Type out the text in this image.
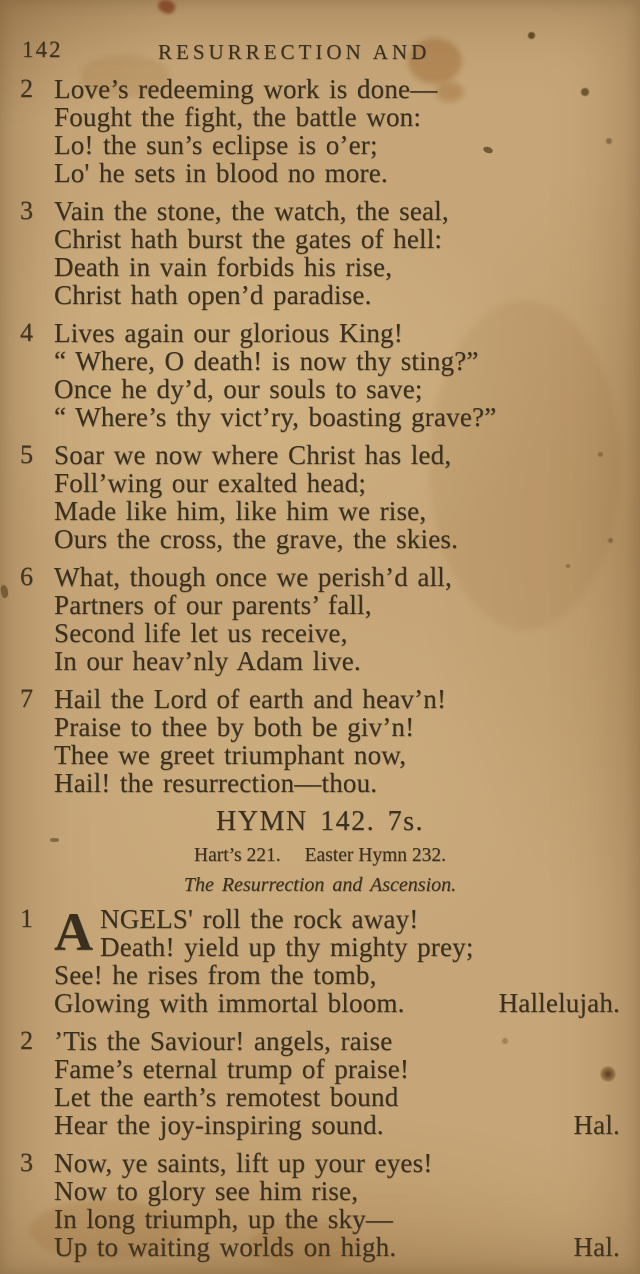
142	RESURRECTION AND
2 Love’s redeeming work is done—
Fought the fight, the battle won:
Lo! the sun’s eclipse is o’er;
Lo' he sets in blood no more.
3 Vain the stone, the watch, the seal,
Christ hath burst the gates of hell:
Death in vain forbids his rise,
Christ hath open’d paradise.
4 Lives again our glorious King!
“ Where, O death! is now thy sting?”
Once he dy’d, our souls to save;
“ Where’s thy vict’ry, boasting grave?”
5 Soar we now where Christ has led,
Foll’wing our exalted head;
Made like him, like him we rise,
Ours the cross, the grave, the skies.
6 What, though once we perish’d all,
Partners of our parents’ fall,
Second life let us receive,
In our heav’nly Adam live.
7 Hail the Lord of earth and heav’n!
Praise to thee by both be giv’n!
Thee we greet triumphant now,
Hail! the resurrection—thou.
HYMN 142. 7s.
Hart’s 221. Easter Hymn 232.
The Resurrection and Ascension.
1 A NGELS' roll the rock away!
Death! yield up thy mighty prey;
See! he rises from the tomb,
Glowing with immortal bloom.	Hallelujah.
2 ’Tis the Saviour! angels, raise
Fame’s eternal trump of praise!
Let the earth’s remotest bound
Hear the joy-inspiring sound.	Hal.
3 Now, ye saints, lift up your eyes!
Now to glory see him rise,
In long triumph, up the sky—
Up to waiting worlds on high.	Hal.
